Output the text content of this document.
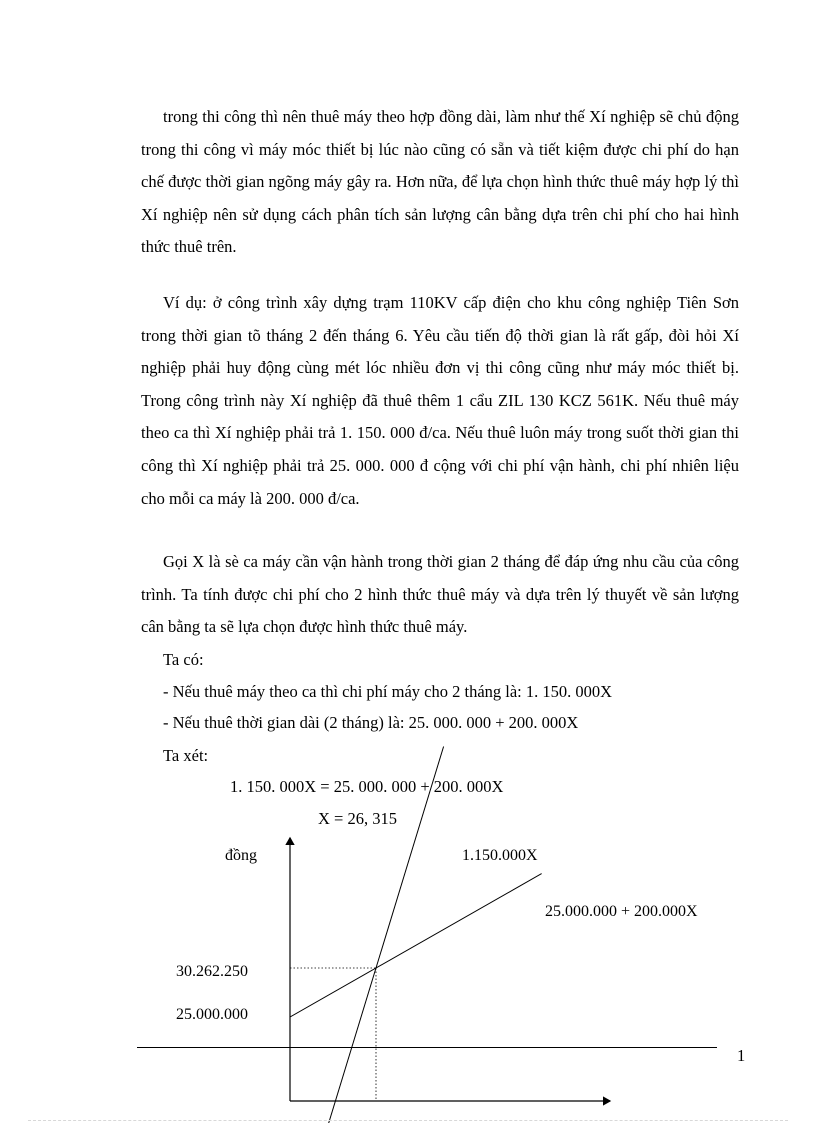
trong thi công thì nên thuê máy theo hợp đồng dài, làm như thế Xí nghiệp sẽ chủ động trong thi công vì máy móc thiết bị lúc nào cũng có sẵn và tiết kiệm được chi phí do hạn chế được thời gian ngõng máy gây ra. Hơn nữa, để lựa chọn hình thức thuê máy hợp lý thì Xí nghiệp nên sử dụng cách phân tích sản lượng cân bằng dựa trên chi phí cho hai hình thức thuê trên.

Ví dụ: ở công trình xây dựng trạm 110KV cấp điện cho khu công nghiệp Tiên Sơn trong thời gian tõ tháng 2 đến tháng 6. Yêu cầu tiến độ thời gian là rất gấp, đòi hỏi Xí nghiệp phải huy động cùng mét lóc nhiều đơn vị thi công cũng như máy móc thiết bị. Trong công trình này Xí nghiệp đã thuê thêm 1 cẩu ZIL 130 KCZ 561K. Nếu thuê máy theo ca thì Xí nghiệp phải trả 1. 150. 000 đ/ca. Nếu thuê luôn máy trong suốt thời gian thi công thì Xí nghiệp phải trả 25. 000. 000 đ cộng với chi phí vận hành, chi phí nhiên liệu cho mỗi ca máy là 200. 000 đ/ca.

Gọi X là sè ca máy cần vận hành trong thời gian 2 tháng để đáp ứng nhu cầu của công trình. Ta tính được chi phí cho 2 hình thức thuê máy và dựa trên lý thuyết về sản lượng cân bằng ta sẽ lựa chọn được hình thức thuê máy.

Ta có:

- Nếu thuê máy theo ca thì chi phí máy cho 2 tháng là: 1. 150. 000X

- Nếu thuê thời gian dài (2 tháng) là: 25. 000. 000 + 200. 000X

Ta xét:

1. 150. 000X = 25. 000. 000 + 200. 000X

X = 26, 315

đồng
30.262.250
25.000.000
1.150.000X
25.000.000 + 200.000X
1
